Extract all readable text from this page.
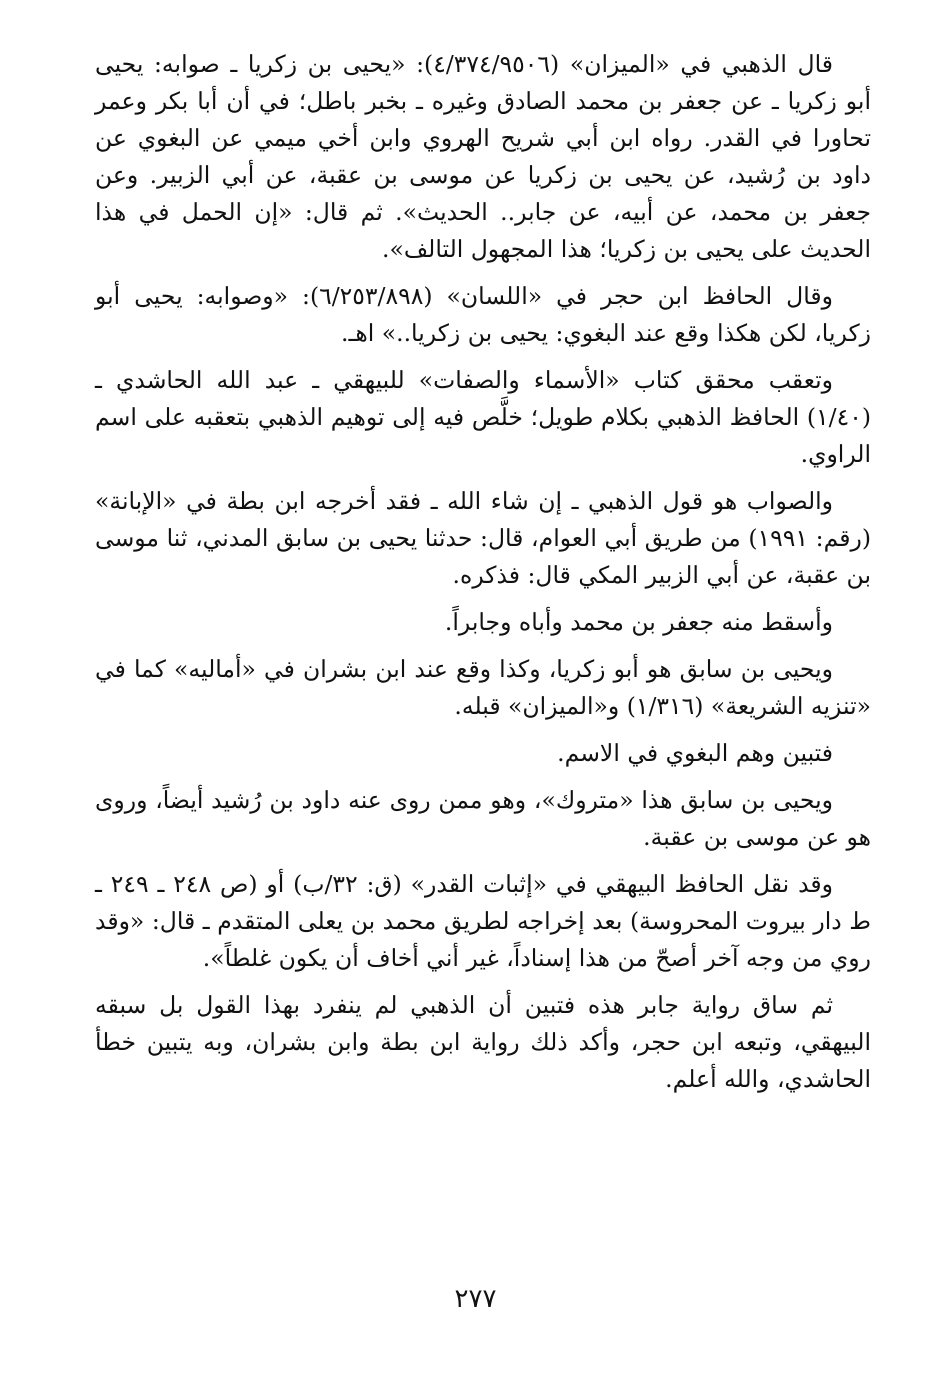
قال الذهبي في «الميزان» (٤/٣٧٤/٩٥٠٦): «يحيى بن زكريا ـ صوابه: يحيى أبو زكريا ـ عن جعفر بن محمد الصادق وغيره ـ بخبر باطل؛ في أن أبا بكر وعمر تحاورا في القدر. رواه ابن أبي شريح الهروي وابن أخي ميمي عن البغوي عن داود بن رُشيد، عن يحيى بن زكريا عن موسى بن عقبة، عن أبي الزبير. وعن جعفر بن محمد، عن أبيه، عن جابر.. الحديث». ثم قال: «إن الحمل في هذا الحديث على يحيى بن زكريا؛ هذا المجهول التالف».

وقال الحافظ ابن حجر في «اللسان» (٦/٢٥٣/٨٩٨): «وصوابه: يحيى أبو زكريا، لكن هكذا وقع عند البغوي: يحيى بن زكريا..» اهـ.

وتعقب محقق كتاب «الأسماء والصفات» للبيهقي ـ عبد الله الحاشدي ـ (١/٤٠) الحافظ الذهبي بكلام طويل؛ خلَّص فيه إلى توهيم الذهبي بتعقبه على اسم الراوي.

والصواب هو قول الذهبي ـ إن شاء الله ـ فقد أخرجه ابن بطة في «الإبانة» (رقم: ١٩٩١) من طريق أبي العوام، قال: حدثنا يحيى بن سابق المدني، ثنا موسى بن عقبة، عن أبي الزبير المكي قال: فذكره.

وأسقط منه جعفر بن محمد وأباه وجابراً.

ويحيى بن سابق هو أبو زكريا، وكذا وقع عند ابن بشران في «أماليه» كما في «تنزيه الشريعة» (١/٣١٦) و«الميزان» قبله.

فتبين وهم البغوي في الاسم.

ويحيى بن سابق هذا «متروك»، وهو ممن روى عنه داود بن رُشيد أيضاً، وروى هو عن موسى بن عقبة.

وقد نقل الحافظ البيهقي في «إثبات القدر» (ق: ٣٢/ب) أو (ص ٢٤٨ ـ ٢٤٩ ـ ط دار بيروت المحروسة) بعد إخراجه لطريق محمد بن يعلى المتقدم ـ قال: «وقد روي من وجه آخر أصحّ من هذا إسناداً، غير أني أخاف أن يكون غلطاً».

ثم ساق رواية جابر هذه فتبين أن الذهبي لم ينفرد بهذا القول بل سبقه البيهقي، وتبعه ابن حجر، وأكد ذلك رواية ابن بطة وابن بشران، وبه يتبين خطأ الحاشدي، والله أعلم.

٢٧٧
